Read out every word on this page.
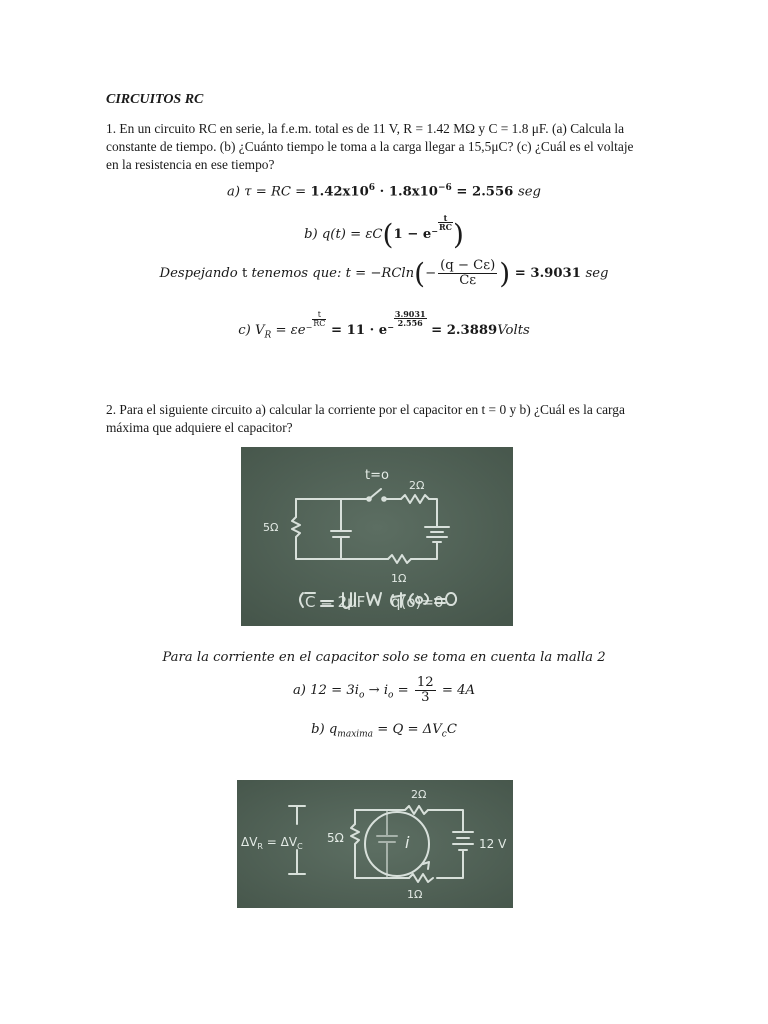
CIRCUITOS RC
1. En un circuito RC en serie, la f.e.m. total es de 11 V, R = 1.42 MΩ y C = 1.8 μF. (a) Calcula la
constante de tiempo. (b) ¿Cuánto tiempo le toma a la carga llegar a 15,5μC? (c) ¿Cuál es el voltaje
en la resistencia en ese tiempo?
a) τ = RC = $1.42x10^6 \cdot 1.8x10^{-6} = 2.556$ seg
b) $q(t) = \varepsilon C(1 - e- \frac{t}{RC}$ )
Despejando t tenemos que: $t = -RCln(- \frac{(q - C\varepsilon)}{C\varepsilon}$ ) = 3.9031 seg
c) $V_R = \varepsilon e- \frac{t}{RC}$
= $11 \cdot e- \frac{3.9031}{2.556}$
= 2.3889Volts
2. Para el siguiente circuito a) calcular la corriente por el capacitor en t = 0 y b) ¿Cuál es la carga
máxima que adquiere el capacitor?
t=o
2Ω
5Ω
1Ω
C = 2μF q(o)=0
Para la corriente en el capacitor solo se toma en cuenta la malla 2
a) $12 = 3i_o \to i_o = \frac{12}{3} = 4A$
b) $q_{maxima} = Q = \Delta V_cC$
$\Delta V_R = \Delta V_C$
5Ω	i
2Ω
1Ω
12 V
